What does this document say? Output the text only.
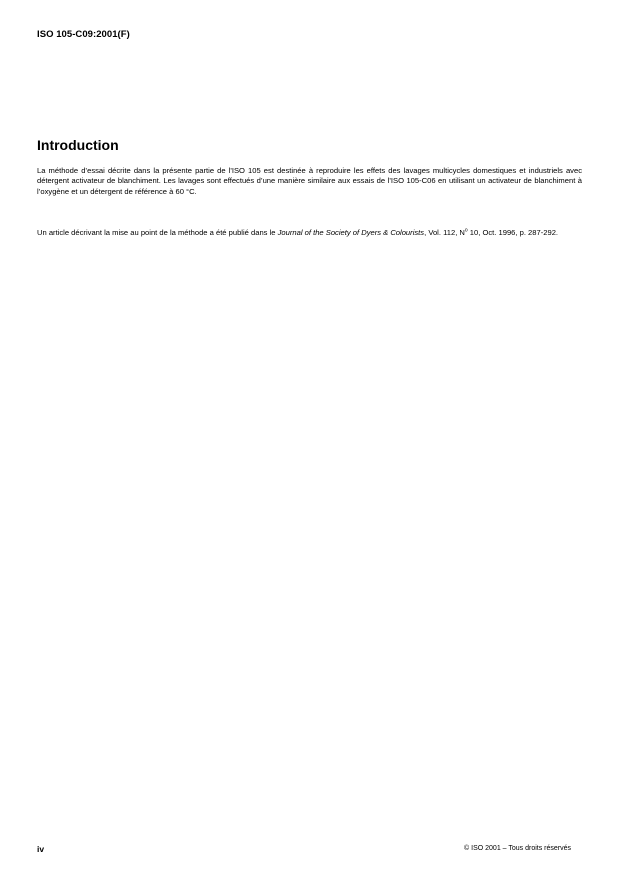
ISO 105-C09:2001(F)
Introduction

La méthode d’essai décrite dans la présente partie de l'ISO 105 est destinée à reproduire les effets des lavages multicycles domestiques et industriels avec détergent activateur de blanchiment. Les lavages sont effectués d’une manière similaire aux essais de l’ISO 105-C06 en utilisant un activateur de blanchiment à l’oxygène et un détergent de référence à 60 °C.

Un article décrivant la mise au point de la méthode a été publié dans le Journal of the Society of Dyers & Colourists, Vol. 112, $N^o$ 10, Oct. 1996, p. 287-292.

iv	© ISO 2001 – Tous droits réservés
